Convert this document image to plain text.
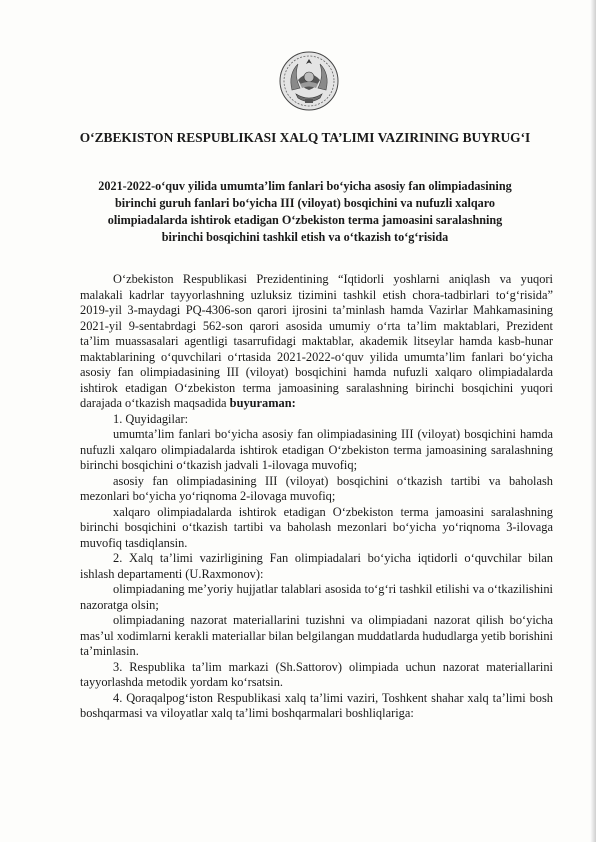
O‘ZBEKISTON RESPUBLIKASI XALQ TA’LIMI VAZIRINING BUYRUG‘I
2021-2022-o‘quv yilida umumta’lim fanlari bo‘yicha asosiy fan olimpiadasining birinchi guruh fanlari bo‘yicha III (viloyat) bosqichini va nufuzli xalqaro olimpiadalarda ishtirok etadigan O‘zbekiston terma jamoasini saralashning birinchi bosqichini tashkil etish va o‘tkazish to‘g‘risida

O‘zbekiston Respublikasi Prezidentining “Iqtidorli yoshlarni aniqlash va yuqori malakali kadrlar tayyorlashning uzluksiz tizimini tashkil etish chora-tadbirlari to‘g‘risida” 2019-yil 3-maydagi PQ-4306-son qarori ijrosini ta’minlash hamda Vazirlar Mahkamasining 2021-yil 9-sentabrdagi 562-son qarori asosida umumiy o‘rta ta’lim maktablari, Prezident ta’lim muassasalari agentligi tasarrufidagi maktablar, akademik litseylar hamda kasb-hunar maktablarining o‘quvchilari o‘rtasida 2021-2022-o‘quv yilida umumta’lim fanlari bo‘yicha asosiy fan olimpiadasining III (viloyat) bosqichini hamda nufuzli xalqaro olimpiadalarda ishtirok etadigan O‘zbekiston terma jamoasining saralashning birinchi bosqichini yuqori darajada o‘tkazish maqsadida buyuraman:

1. Quyidagilar:

umumta’lim fanlari bo‘yicha asosiy fan olimpiadasining III (viloyat) bosqichini hamda nufuzli xalqaro olimpiadalarda ishtirok etadigan O‘zbekiston terma jamoasining saralashning birinchi bosqichini o‘tkazish jadvali 1-ilovaga muvofiq;

asosiy fan olimpiadasining III (viloyat) bosqichini o‘tkazish tartibi va baholash mezonlari bo‘yicha yo‘riqnoma 2-ilovaga muvofiq;

xalqaro olimpiadalarda ishtirok etadigan O‘zbekiston terma jamoasini saralashning birinchi bosqichini o‘tkazish tartibi va baholash mezonlari bo‘yicha yo‘riqnoma 3-ilovaga muvofiq tasdiqlansin.

2. Xalq ta’limi vazirligining Fan olimpiadalari bo‘yicha iqtidorli o‘quvchilar bilan ishlash departamenti (U.Raxmonov):

olimpiadaning me’yoriy hujjatlar talablari asosida to‘g‘ri tashkil etilishi va o‘tkazilishini nazoratga olsin;

olimpiadaning nazorat materiallarini tuzishni va olimpiadani nazorat qilish bo‘yicha mas’ul xodimlarni kerakli materiallar bilan belgilangan muddatlarda hududlarga yetib borishini ta’minlasin.

3. Respublika ta’lim markazi (Sh.Sattorov) olimpiada uchun nazorat materiallarini tayyorlashda metodik yordam ko‘rsatsin.

4. Qoraqalpog‘iston Respublikasi xalq ta’limi vaziri, Toshkent shahar xalq ta’limi bosh boshqarmasi va viloyatlar xalq ta’limi boshqarmalari boshliqlariga:
